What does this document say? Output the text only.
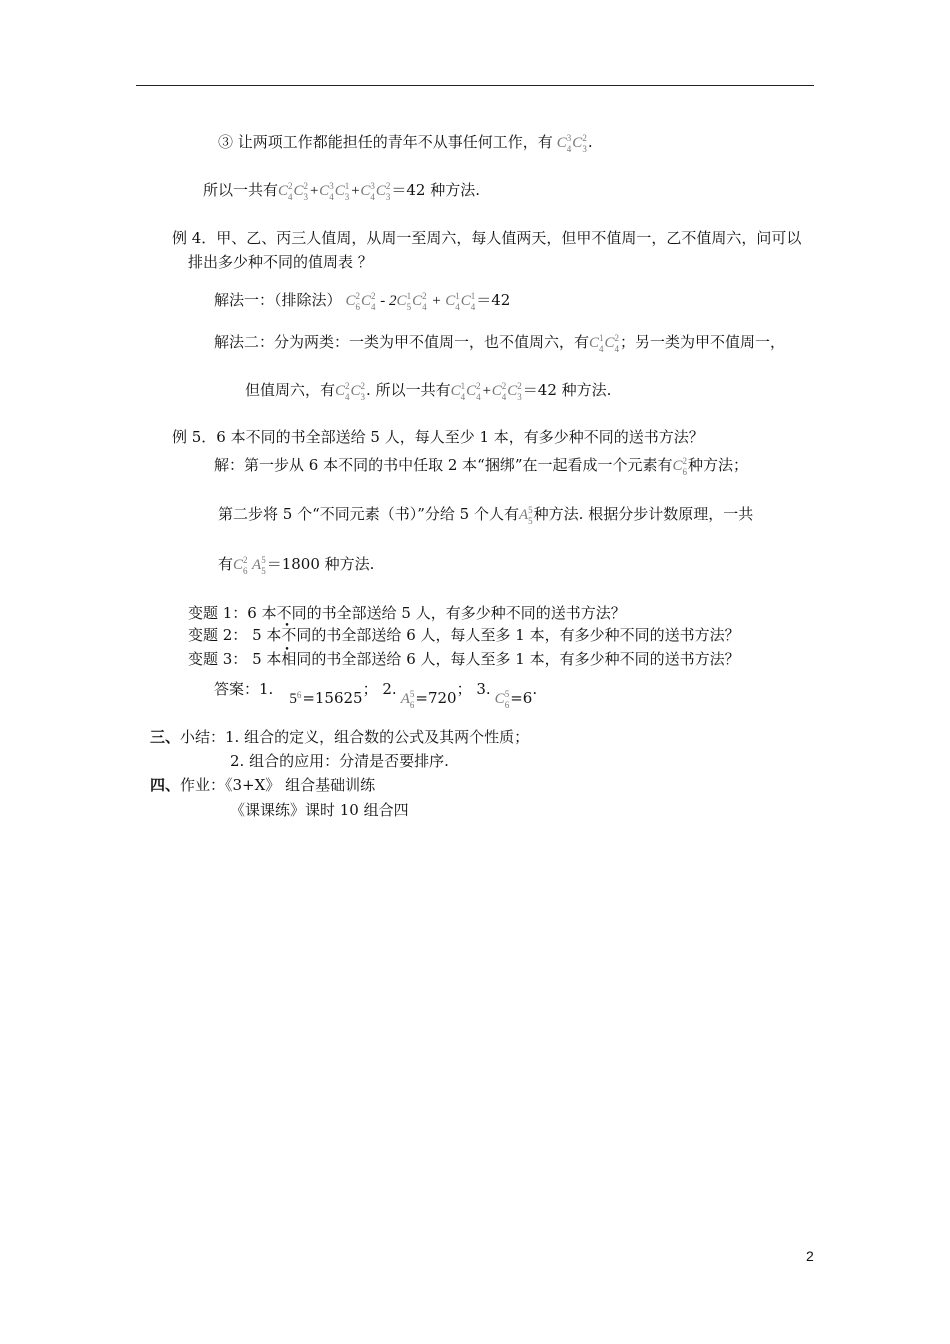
③ 让两项工作都能担任的青年不从事任何工作，有 C 3
4 C 2
3 .
所以一共有C 2
4 C 2
3 +C 3
4 C 1
3 +C 3
4 C 2
3 ＝42 种方法.
例 4．甲、乙、丙三人值周，从周一至周六，每人值两天，但甲不值周一，乙不值周六，问可以
排出多少种不同的值周表 ？
解法一：（排除法） C 2
6 C 2
4 - 2C 1
5 C 2
4 + C 1
4 C 1
4 ＝42
解法二：分为两类：一类为甲不值周一，也不值周六，有C 1
4 C 2
4 ；另一类为甲不值周一，
但值周六，有C 2
4 C 2
3 . 所以一共有C 1
4 C 2
4 +C 2
4 C 2
3 ＝42 种方法.
例 5．6 本不同的书全部送给 5 人，每人至少 1 本，有多少种不同的送书方法？
解：第一步从 6 本不同的书中任取 2 本“捆绑”在一起看成一个元素有C 2
6 种方法；
第二步将 5 个“不同元素（书）”分给 5 个人有A 5
5 种方法. 根据分步计数原理，一共
有C 2
6 A 5
5 ＝1800 种方法.
变题 1：6 本不同的书全部送给 5 人，有多少种不同的送书方法？
变题 2： 5 本不同的书全部送给 6 人，每人至多 1 本，有多少种不同的送书方法？
变题 3： 5 本相同的书全部送给 6 人，每人至多 1 本，有多少种不同的送书方法？
答案：1.5 6 =15625； 2.A 5
6 =720； 3.C 5
6 =6.
三、小结：1. 组合的定义，组合数的公式及其两个性质；
2. 组合的应用：分清是否要排序.
四、作业：《3+X》 组合基础训练
《课课练》课时 10 组合四
2
